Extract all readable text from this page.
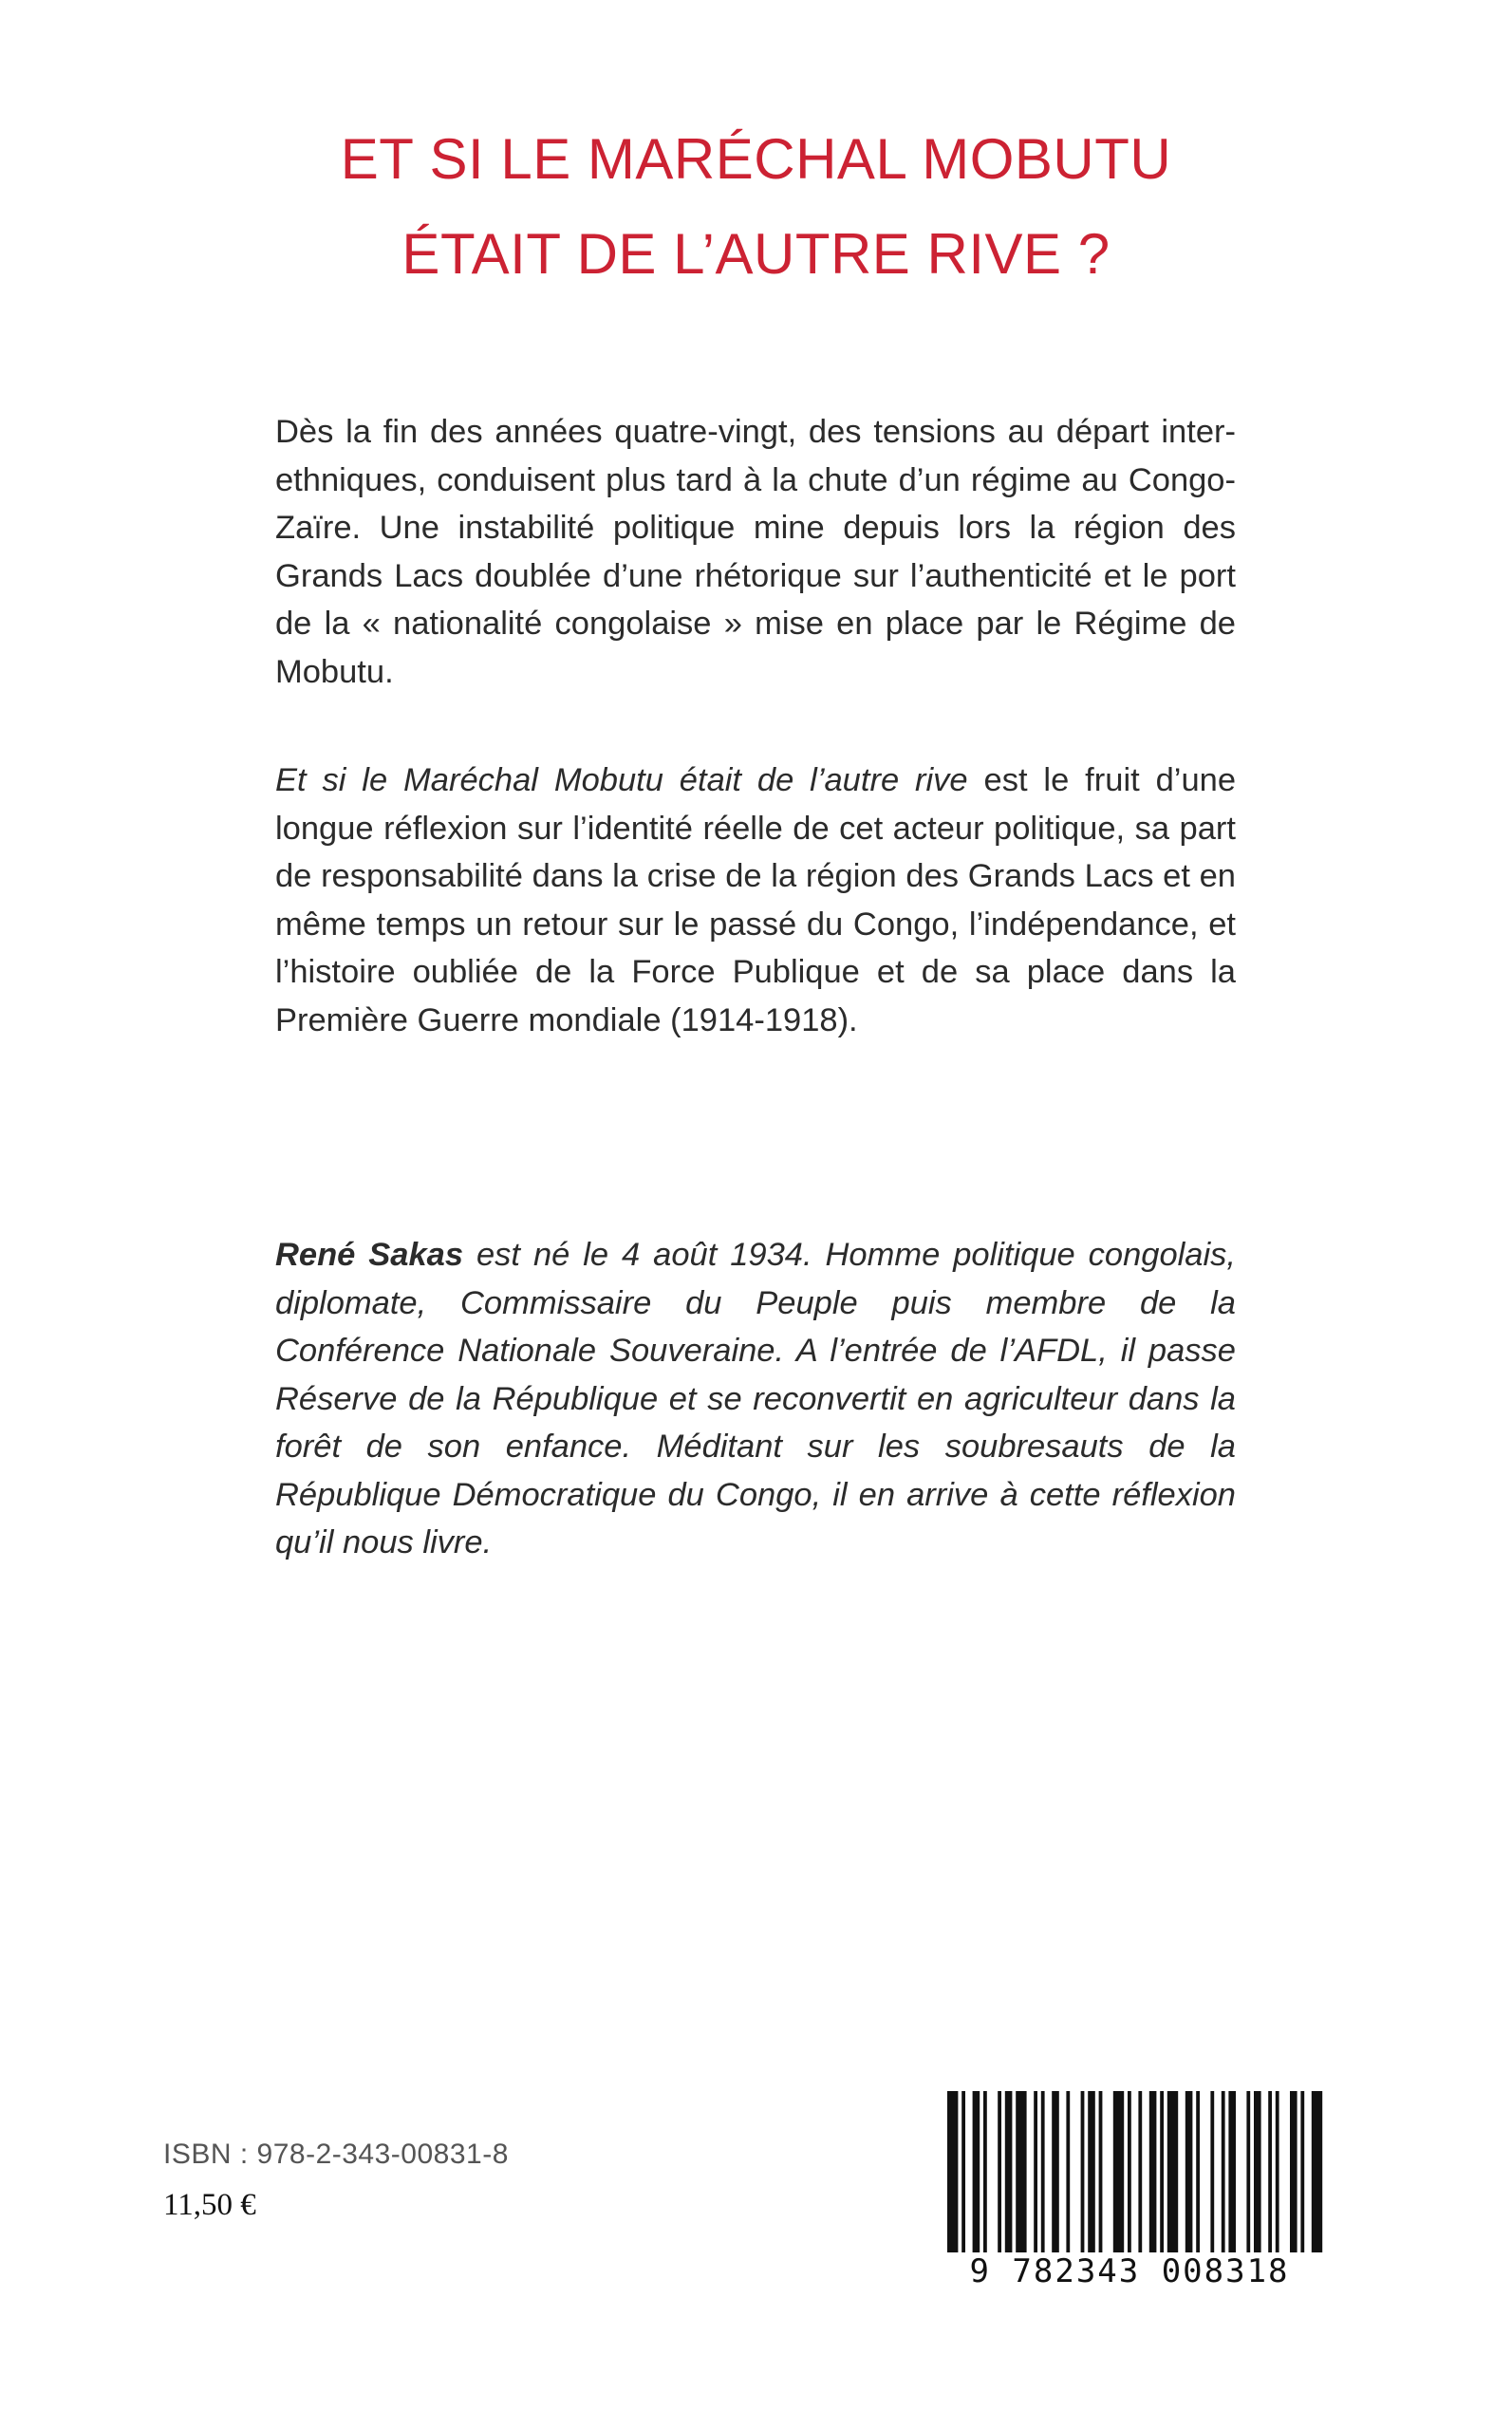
ET SI LE MARÉCHAL MOBUTU
ÉTAIT DE L’AUTRE RIVE ?

Dès la fin des années quatre-vingt, des tensions au départ inter-ethniques, conduisent plus tard à la chute d’un régime au Congo-Zaïre. Une instabilité politique mine depuis lors la région des Grands Lacs doublée d’une rhétorique sur l’authenticité et le port de la « nationalité congolaise » mise en place par le Régime de Mobutu.

Et si le Maréchal Mobutu était de l’autre rive est le fruit d’une longue réflexion sur l’identité réelle de cet acteur politique, sa part de responsabilité dans la crise de la région des Grands Lacs et en même temps un retour sur le passé du Congo, l’indépendance, et l’histoire oubliée de la Force Publique et de sa place dans la Première Guerre mondiale (1914-1918).

René Sakas est né le 4 août 1934. Homme politique congolais, diplomate, Commissaire du Peuple puis membre de la Conférence Nationale Souveraine. A l’entrée de l’AFDL, il passe Réserve de la République et se reconvertit en agriculteur dans la forêt de son enfance. Méditant sur les soubresauts de la République Démocratique du Congo, il en arrive à cette réflexion qu’il nous livre.

ISBN : 978-2-343-00831-8
11,50 €
9 782343 008318
